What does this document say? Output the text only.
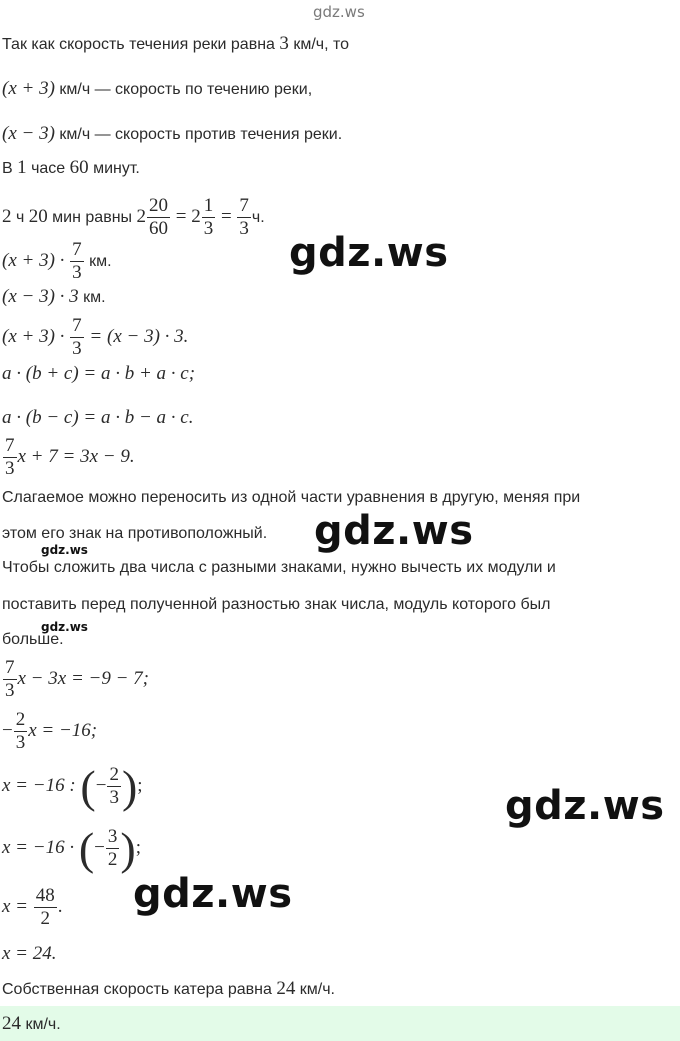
gdz.ws
gdz.ws
gdz.ws
gdz.ws
gdz.ws
gdz.ws
gdz.ws
Так как скорость течения реки равна 3 км/ч, то
(x + 3) км/ч — скорость по течению реки,
(x − 3) км/ч — скорость против течения реки.
В 1 часе 60 минут.
2 ч 20 мин равны $2 \frac{20}{60} = 2 \frac{1}{3} = \frac{7}{3} ч$.
$(x + 3) \cdot \frac{7}{3}$ км.
(x − 3) · 3 км.
$(x + 3) \cdot \frac{7}{3} = (x - 3) \cdot 3$.
a · (b + c) = a · b + a · c;
a · (b − c) = a · b − a · c.
$\frac{7}{3}$ x + 7 = 3x − 9.
Слагаемое можно переносить из одной части уравнения в другую, меняя при
этом его знак на противоположный.
Чтобы сложить два числа с разными знаками, нужно вычесть их модули и
поставить перед полученной разностью знак числа, модуль которого был
больше.
$\frac{7}{3}$ x − 3x = −9 − 7;
− $\frac{2}{3}$ x = −16;
x = −16 : (− $\frac{2}{3}$ );
x = −16 · (− $\frac{3}{2}$ );
$x = \frac{48}{2}$ .
x = 24.
Собственная скорость катера равна 24 км/ч.
24 км/ч.
